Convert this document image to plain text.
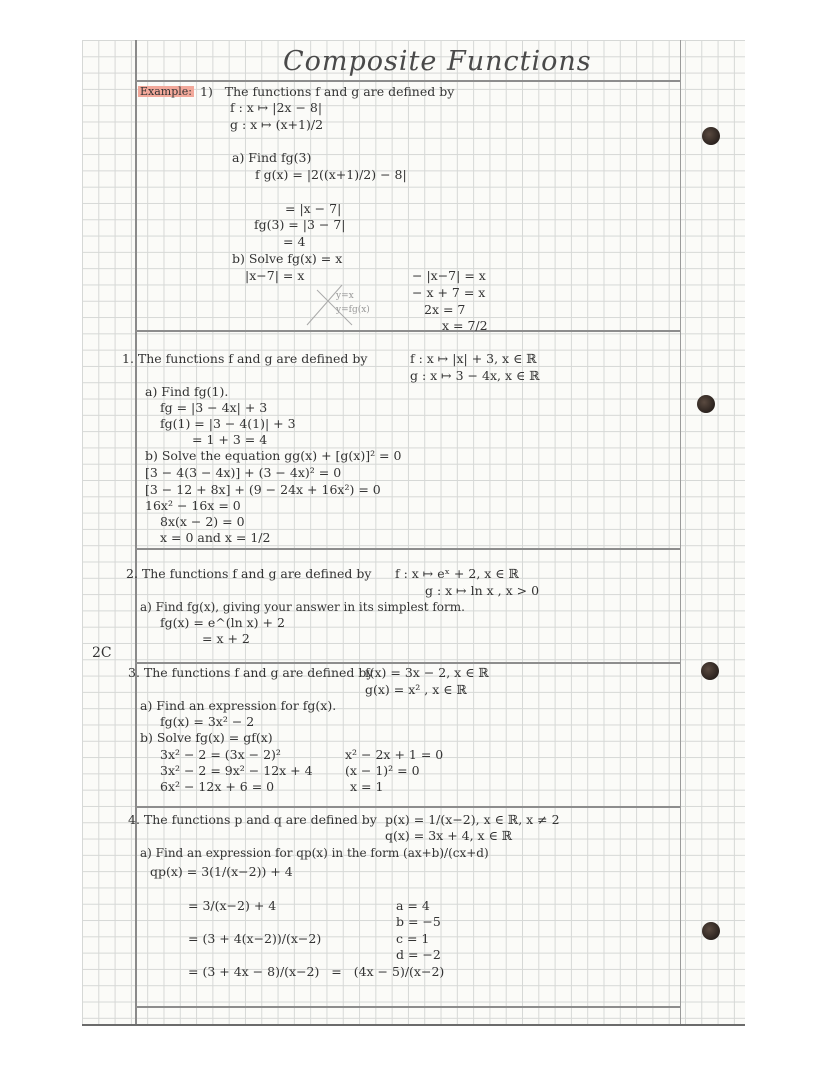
Composite Functions
2C
Example: 1)   The functions f and g are defined by
f : x ↦ |2x − 8|
g : x ↦ (x+1)/2
a) Find fg(3)
f g(x) = |2((x+1)/2) − 8|
= |x − 7|
fg(3) = |3 − 7|
= 4
b) Solve fg(x) = x
|x−7| = x
y=x
y=fg(x)
− |x−7| = x
− x + 7 = x
2x = 7
x = 7/2
1. The functions f and g are defined by	f : x ↦ |x| + 3, x ∈ ℝ
g : x ↦ 3 − 4x, x ∈ ℝ
a) Find fg(1).
fg = |3 − 4x| + 3
fg(1) = |3 − 4(1)| + 3
= 1 + 3 = 4
b) Solve the equation gg(x) + [g(x)]² = 0
[3 − 4(3 − 4x)] + (3 − 4x)² = 0
[3 − 12 + 8x] + (9 − 24x + 16x²) = 0
16x² − 16x = 0
8x(x − 2) = 0
x = 0 and x = 1/2
2. The functions f and g are defined by f : x ↦ eˣ + 2, x ∈ ℝ
g : x ↦ ln x , x > 0
a) Find fg(x), giving your answer in its simplest form.
fg(x) = e^(ln x) + 2
= x + 2
3. The functions f and g are defined by
f(x) = 3x − 2, x ∈ ℝ
g(x) = x² , x ∈ ℝ
a) Find an expression for fg(x).
fg(x) = 3x² − 2
b) Solve fg(x) = gf(x)
3x² − 2 = (3x − 2)²
3x² − 2 = 9x² − 12x + 4
6x² − 12x + 6 = 0
x² − 2x + 1 = 0
(x − 1)² = 0
x = 1
4. The functions p and q are defined by p(x) = 1/(x−2), x ∈ ℝ, x ≠ 2
q(x) = 3x + 4, x ∈ ℝ
a) Find an expression for qp(x) in the form (ax+b)/(cx+d)
qp(x) = 3(1/(x−2)) + 4
= 3/(x−2) + 4
= (3 + 4(x−2))/(x−2)
= (3 + 4x − 8)/(x−2)   =   (4x − 5)/(x−2)
a = 4
b = −5
c = 1
d = −2
